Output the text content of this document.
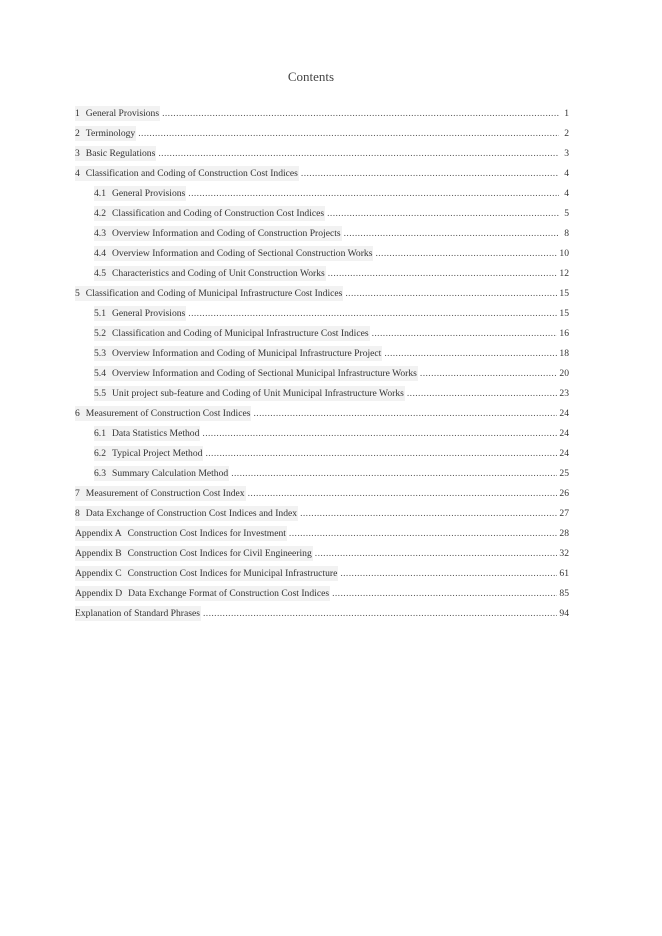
Contents
1 General Provisions .....	1
2 Terminology .....	2
3 Basic Regulations .....	3
4 Classification and Coding of Construction Cost Indices .....	4
4.1 General Provisions .....	4
4.2 Classification and Coding of Construction Cost Indices .....	5
4.3 Overview Information and Coding of Construction Projects .....	8
4.4 Overview Information and Coding of Sectional Construction Works .....	10
4.5 Characteristics and Coding of Unit Construction Works .....	12
5 Classification and Coding of Municipal Infrastructure Cost Indices .....	15
5.1 General Provisions .....	15
5.2 Classification and Coding of Municipal Infrastructure Cost Indices .....	16
5.3 Overview Information and Coding of Municipal Infrastructure Project .....	18
5.4 Overview Information and Coding of Sectional Municipal Infrastructure Works .....	20
5.5 Unit project sub-feature and Coding of Unit Municipal Infrastructure Works .....	23
6 Measurement of Construction Cost Indices .....	24
6.1 Data Statistics Method .....	24
6.2 Typical Project Method .....	24
6.3 Summary Calculation Method .....	25
7 Measurement of Construction Cost Index .....	26
8 Data Exchange of Construction Cost Indices and Index .....	27
Appendix A Construction Cost Indices for Investment .....	28
Appendix B Construction Cost Indices for Civil Engineering .....	32
Appendix C Construction Cost Indices for Municipal Infrastructure .....	61
Appendix D Data Exchange Format of Construction Cost Indices .....	85
Explanation of Standard Phrases .....	94
